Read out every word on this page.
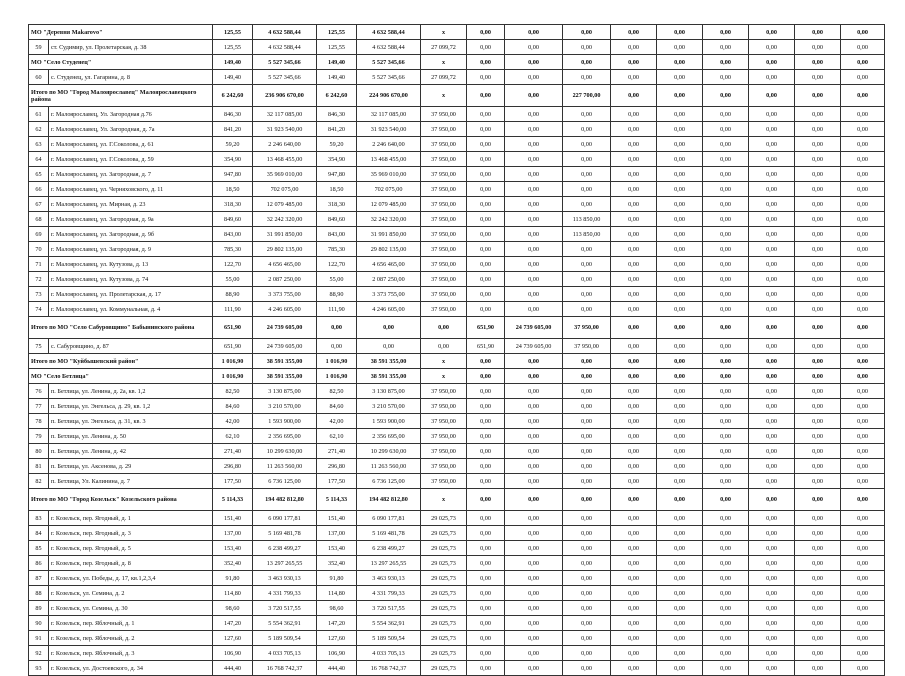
МО "Деревня Маkarovo"		125,55	4 632 588,44	125,55	4 632 588,44	x	0,00	0,00	0,00	0,00	0,00	0,00	0,00	0,00	0,00
59	ст. Судимир, ул. Пролетарская, д. 38	125,55	4 632 588,44	125,55	4 632 588,44	27 099,72	0,00	0,00	0,00	0,00	0,00	0,00	0,00	0,00	0,00
МО "Село Студенец"		149,40	5 527 345,66	149,40	5 527 345,66	x	0,00	0,00	0,00	0,00	0,00	0,00	0,00	0,00	0,00
60	с. Студенец, ул. Гагарина, д. 8	149,40	5 527 345,66	149,40	5 527 345,66	27 099,72	0,00	0,00	0,00	0,00	0,00	0,00	0,00	0,00	0,00
Итого по МО "Город Малоярославец" Малоярославецкого района		6 242,60	236 906 670,00	6 242,60	224 906 670,00	x	0,00	0,00	227 700,00	0,00	0,00	0,00	0,00	0,00	0,00
61	г. Малоярославец, Ул. Загородная д.76	846,30	32 117 085,00	846,30	32 117 085,00	37 950,00	0,00	0,00	0,00	0,00	0,00	0,00	0,00	0,00	0,00
62	г. Малоярославец, Ул. Загородная, д. 7а	841,20	31 923 540,00	841,20	31 923 540,00	37 950,00	0,00	0,00	0,00	0,00	0,00	0,00	0,00	0,00	0,00
63	г. Малоярославец, ул. Г.Соколова, д. 61	59,20	2 246 640,00	59,20	2 246 640,00	37 950,00	0,00	0,00	0,00	0,00	0,00	0,00	0,00	0,00	0,00
64	г. Малоярославец, ул. Г.Соколова, д. 59	354,90	13 468 455,00	354,90	13 468 455,00	37 950,00	0,00	0,00	0,00	0,00	0,00	0,00	0,00	0,00	0,00
65	г. Малоярославец, ул. Загородная, д. 7	947,80	35 969 010,00	947,80	35 969 010,00	37 950,00	0,00	0,00	0,00	0,00	0,00	0,00	0,00	0,00	0,00
66	г. Малоярославец, ул. Черняховского, д. 11	18,50	702 075,00	18,50	702 075,00	37 950,00	0,00	0,00	0,00	0,00	0,00	0,00	0,00	0,00	0,00
67	г. Малоярославец, ул. Мирная, д. 23	318,30	12 079 485,00	318,30	12 079 485,00	37 950,00	0,00	0,00	0,00	0,00	0,00	0,00	0,00	0,00	0,00
68	г. Малоярославец, ул. Загородная, д. 9а	849,60	32 242 320,00	849,60	32 242 320,00	37 950,00	0,00	0,00	113 850,00	0,00	0,00	0,00	0,00	0,00	0,00
69	г. Малоярославец, ул. Загородная, д. 9б	843,00	31 991 850,00	843,00	31 991 850,00	37 950,00	0,00	0,00	113 850,00	0,00	0,00	0,00	0,00	0,00	0,00
70	г. Малоярославец, ул. Загородная, д. 9	785,30	29 802 135,00	785,30	29 802 135,00	37 950,00	0,00	0,00	0,00	0,00	0,00	0,00	0,00	0,00	0,00
71	г. Малоярославец, ул. Кутузова, д. 13	122,70	4 656 465,00	122,70	4 656 465,00	37 950,00	0,00	0,00	0,00	0,00	0,00	0,00	0,00	0,00	0,00
72	г. Малоярославец, ул. Кутузова, д. 74	55,00	2 087 250,00	55,00	2 087 250,00	37 950,00	0,00	0,00	0,00	0,00	0,00	0,00	0,00	0,00	0,00
73	г. Малоярославец, ул. Пролетарская, д. 17	88,90	3 373 755,00	88,90	3 373 755,00	37 950,00	0,00	0,00	0,00	0,00	0,00	0,00	0,00	0,00	0,00
74	г. Малоярославец, ул. Коммунальная, д. 4	111,90	4 246 605,00	111,90	4 246 605,00	37 950,00	0,00	0,00	0,00	0,00	0,00	0,00	0,00	0,00	0,00
Итого по МО "Село Сабуровщино" Бабынинского района		651,90	24 739 605,00	0,00	0,00	0,00	651,90	24 739 605,00	37 950,00	0,00	0,00	0,00	0,00	0,00	0,00
75	с. Сабуровщино, д. 87	651,90	24 739 605,00	0,00	0,00	0,00	651,90	24 739 605,00	37 950,00	0,00	0,00	0,00	0,00	0,00	0,00
Итого по МО "Куйбышевский район"		1 016,90	38 591 355,00	1 016,90	38 591 355,00	x	0,00	0,00	0,00	0,00	0,00	0,00	0,00	0,00	0,00
МО "Село Бетлица"		1 016,90	38 591 355,00	1 016,90	38 591 355,00	x	0,00	0,00	0,00	0,00	0,00	0,00	0,00	0,00	0,00
76	п. Бетлица, ул. Ленина, д. 2а, кв. 1,2	82,50	3 130 875,00	82,50	3 130 875,00	37 950,00	0,00	0,00	0,00	0,00	0,00	0,00	0,00	0,00	0,00
77	п. Бетлица, ул. Энгельса, д. 29, кв. 1,2	84,60	3 210 570,00	84,60	3 210 570,00	37 950,00	0,00	0,00	0,00	0,00	0,00	0,00	0,00	0,00	0,00
78	п. Бетлица, ул. Энгельса, д. 31, кв. 3	42,00	1 593 900,00	42,00	1 593 900,00	37 950,00	0,00	0,00	0,00	0,00	0,00	0,00	0,00	0,00	0,00
79	п. Бетлица, ул. Ленина, д. 50	62,10	2 356 695,00	62,10	2 356 695,00	37 950,00	0,00	0,00	0,00	0,00	0,00	0,00	0,00	0,00	0,00
80	п. Бетлица, ул. Ленина, д. 42	271,40	10 299 630,00	271,40	10 299 630,00	37 950,00	0,00	0,00	0,00	0,00	0,00	0,00	0,00	0,00	0,00
81	п. Бетлица, ул. Аксенова, д. 29	296,80	11 263 560,00	296,80	11 263 560,00	37 950,00	0,00	0,00	0,00	0,00	0,00	0,00	0,00	0,00	0,00
82	п. Бетлица, Ул. Калинина, д. 7	177,50	6 736 125,00	177,50	6 736 125,00	37 950,00	0,00	0,00	0,00	0,00	0,00	0,00	0,00	0,00	0,00
Итого по МО "Город Козельск" Козельского района		5 114,33	194 482 812,80	5 114,33	194 482 812,80	x	0,00	0,00	0,00	0,00	0,00	0,00	0,00	0,00	0,00
83	г. Козельск, пер. Ягодный, д. 1	151,40	6 090 177,81	151,40	6 090 177,81	29 025,73	0,00	0,00	0,00	0,00	0,00	0,00	0,00	0,00	0,00
84	г. Козельск, пер. Ягодный, д. 3	137,00	5 169 481,78	137,00	5 169 481,78	29 025,73	0,00	0,00	0,00	0,00	0,00	0,00	0,00	0,00	0,00
85	г. Козельск, пер. Ягодный, д. 5	153,40	6 238 499,27	153,40	6 238 499,27	29 025,73	0,00	0,00	0,00	0,00	0,00	0,00	0,00	0,00	0,00
86	г. Козельск, пер. Ягодный, д. 8	352,40	13 297 265,55	352,40	13 297 265,55	29 025,73	0,00	0,00	0,00	0,00	0,00	0,00	0,00	0,00	0,00
87	г. Козельск, ул. Победы, д. 17, кв.1,2,3,4	91,80	3 463 930,13	91,80	3 463 930,13	29 025,73	0,00	0,00	0,00	0,00	0,00	0,00	0,00	0,00	0,00
88	г. Козельск, ул. Семина, д. 2	114,80	4 331 799,33	114,80	4 331 799,33	29 025,73	0,00	0,00	0,00	0,00	0,00	0,00	0,00	0,00	0,00
89	г. Козельск, ул. Семина, д. 30	98,60	3 720 517,55	98,60	3 720 517,55	29 025,73	0,00	0,00	0,00	0,00	0,00	0,00	0,00	0,00	0,00
90	г. Козельск, пер. Яблочный, д. 1	147,20	5 554 362,91	147,20	5 554 362,91	29 025,73	0,00	0,00	0,00	0,00	0,00	0,00	0,00	0,00	0,00
91	г. Козельск, пер. Яблочный, д. 2	127,60	5 189 509,54	127,60	5 189 509,54	29 025,73	0,00	0,00	0,00	0,00	0,00	0,00	0,00	0,00	0,00
92	г. Козельск, пер. Яблочный, д. 3	106,90	4 033 705,13	106,90	4 033 705,13	29 025,73	0,00	0,00	0,00	0,00	0,00	0,00	0,00	0,00	0,00
93	г. Козельск, ул. Достоевского, д. 34	444,40	16 768 742,37	444,40	16 768 742,37	29 025,73	0,00	0,00	0,00	0,00	0,00	0,00	0,00	0,00	0,00
